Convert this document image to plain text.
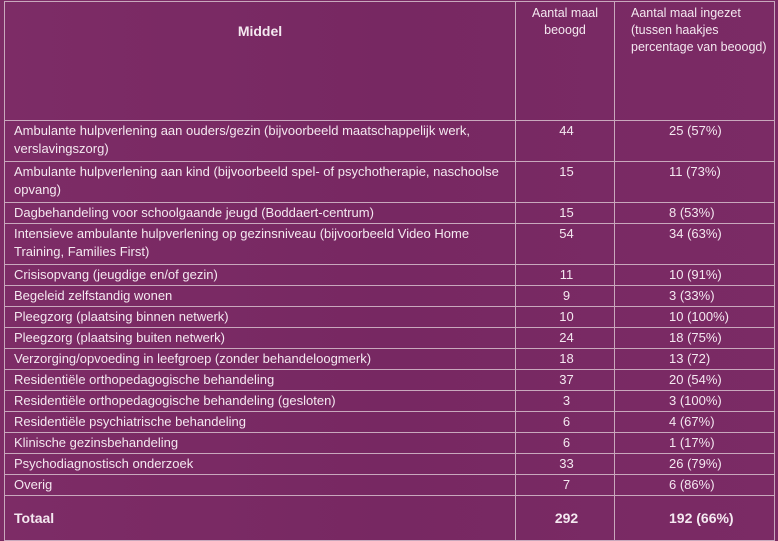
Middel	Aantal maal beoogd	Aantal maal ingezet (tussen haakjes percentage van beoogd)
Ambulante hulpverlening aan ouders/gezin (bijvoorbeeld maatschappelijk werk, verslavingszorg)	44	25 (57%)
Ambulante hulpverlening aan kind (bijvoorbeeld spel- of psychotherapie, naschoolse opvang)	15	11 (73%)
Dagbehandeling voor schoolgaande jeugd (Boddaert-centrum)	15	8 (53%)
Intensieve ambulante hulpverlening op gezinsniveau (bijvoorbeeld Video Home Training, Families First)	54	34 (63%)
Crisisopvang (jeugdige en/of gezin)	11	10 (91%)
Begeleid zelfstandig wonen	9	3 (33%)
Pleegzorg (plaatsing binnen netwerk)	10	10 (100%)
Pleegzorg (plaatsing buiten netwerk)	24	18 (75%)
Verzorging/opvoeding in leefgroep (zonder behandeloogmerk)	18	13 (72)
Residentiële orthopedagogische behandeling	37	20 (54%)
Residentiële orthopedagogische behandeling (gesloten)	3	3 (100%)
Residentiële psychiatrische behandeling	6	4 (67%)
Klinische gezinsbehandeling	6	1 (17%)
Psychodiagnostisch onderzoek	33	26 (79%)
Overig	7	6 (86%)
Totaal	292	192 (66%)
